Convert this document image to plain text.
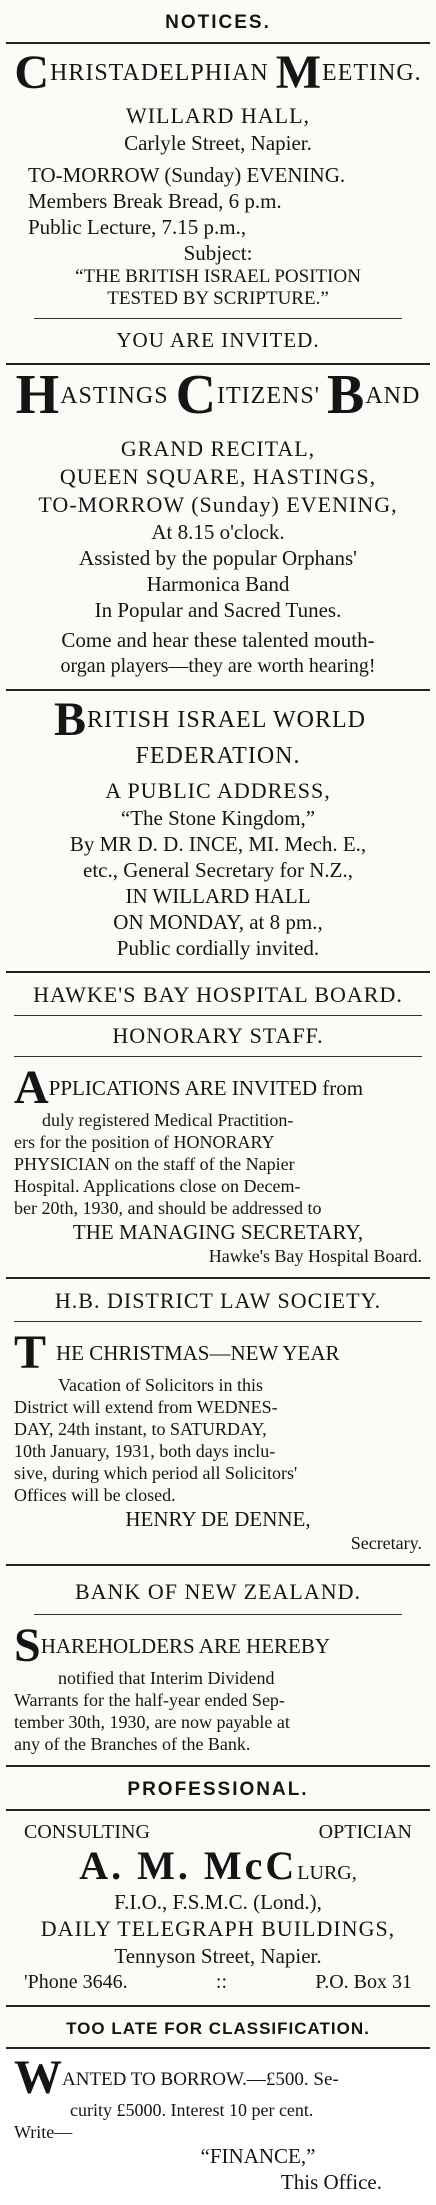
NOTICES.
CHRISTADELPHIAN MEETING.
WILLARD HALL,
Carlyle Street, Napier.
TO-MORROW (Sunday) EVENING.
Members Break Bread, 6 p.m.
Public Lecture, 7.15 p.m.,
Subject:
“THE BRITISH ISRAEL POSITION
TESTED BY SCRIPTURE.”
YOU ARE INVITED.
HASTINGS CITIZENS' BAND
GRAND RECITAL,
QUEEN SQUARE, HASTINGS,
TO-MORROW (Sunday) EVENING,
At 8.15 o'clock.
Assisted by the popular Orphans'
Harmonica Band
In Popular and Sacred Tunes.
Come and hear these talented mouth-
organ players—they are worth hearing!
BRITISH ISRAEL WORLD
FEDERATION.
A PUBLIC ADDRESS,
“The Stone Kingdom,”
By MR D. D. INCE, MI. Mech. E.,
etc., General Secretary for N.Z.,
IN WILLARD HALL
ON MONDAY, at 8 pm.,
Public cordially invited.
HAWKE'S BAY HOSPITAL BOARD.
HONORARY STAFF.
APPLICATIONS ARE INVITED from
duly registered Medical Practition-
ers for the position of HONORARY
PHYSICIAN on the staff of the Napier
Hospital. Applications close on Decem-
ber 20th, 1930, and should be addressed to
THE MANAGING SECRETARY,
Hawke's Bay Hospital Board.
H.B. DISTRICT LAW SOCIETY.
THE CHRISTMAS—NEW YEAR
Vacation of Solicitors in this
District will extend from WEDNES-
DAY, 24th instant, to SATURDAY,
10th January, 1931, both days inclu-
sive, during which period all Solicitors'
Offices will be closed.
HENRY DE DENNE,
Secretary.
BANK OF NEW ZEALAND.
SHAREHOLDERS ARE HEREBY
notified that Interim Dividend
Warrants for the half-year ended Sep-
tember 30th, 1930, are now payable at
any of the Branches of the Bank.
PROFESSIONAL.
CONSULTING	OPTICIAN
A. M. McCLURG,
F.I.O., F.S.M.C. (Lond.),
DAILY TELEGRAPH BUILDINGS,
Tennyson Street, Napier.
'Phone 3646.	::	P.O. Box 31
TOO LATE FOR CLASSIFICATION.
WANTED TO BORROW.—£500. Se-
curity £5000. Interest 10 per cent.
Write—
“FINANCE,”
This Office.
